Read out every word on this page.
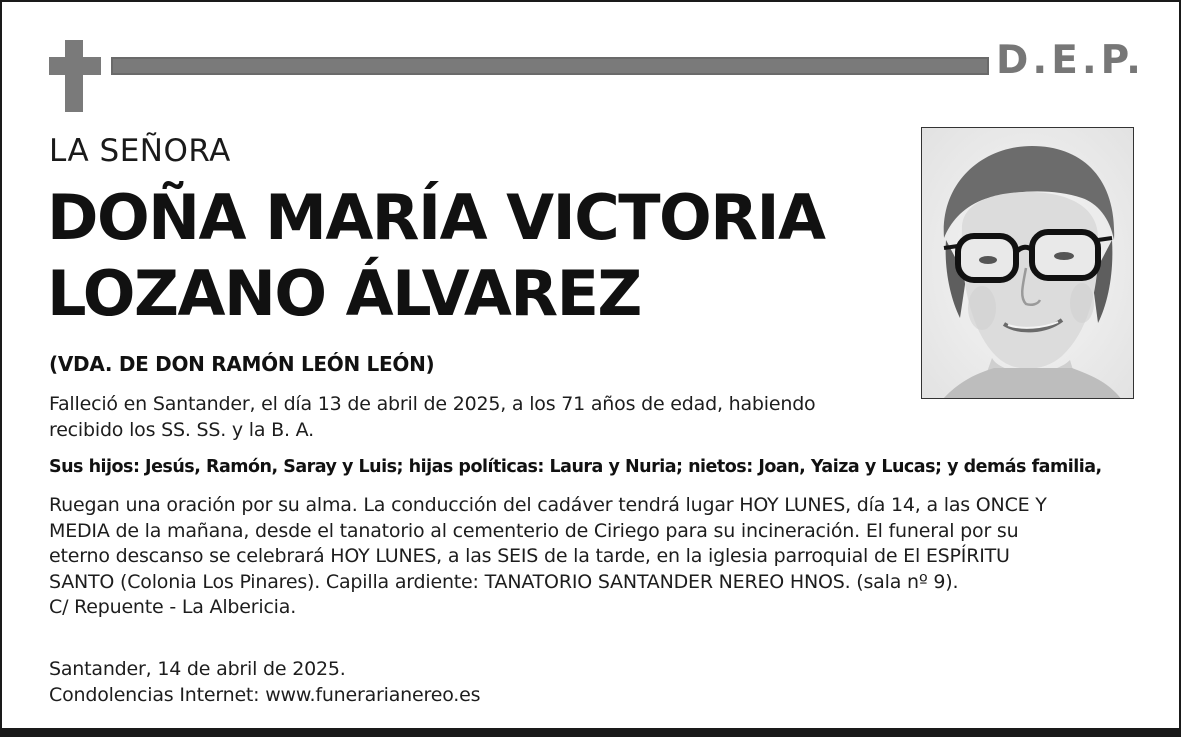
D.E.P.
LA SEÑORA
DOÑA MARÍA VICTORIA
LOZANO ÁLVAREZ
(VDA. DE DON RAMÓN LEÓN LEÓN)
Falleció en Santander, el día 13 de abril de 2025, a los 71 años de edad, habiendo
recibido los SS. SS. y la B. A.
Sus hijos: Jesús, Ramón, Saray y Luis; hijas políticas: Laura y Nuria; nietos: Joan, Yaiza y Lucas; y demás familia,
Ruegan una oración por su alma. La conducción del cadáver tendrá lugar HOY LUNES, día 14, a las ONCE Y
MEDIA de la mañana, desde el tanatorio al cementerio de Ciriego para su incineración. El funeral por su
eterno descanso se celebrará HOY LUNES, a las SEIS de la tarde, en la iglesia parroquial de El ESPÍRITU
SANTO (Colonia Los Pinares). Capilla ardiente: TANATORIO SANTANDER NEREO HNOS. (sala nº 9).
C/ Repuente - La Albericia.
Santander, 14 de abril de 2025.
Condolencias Internet: www.funerarianereo.es
